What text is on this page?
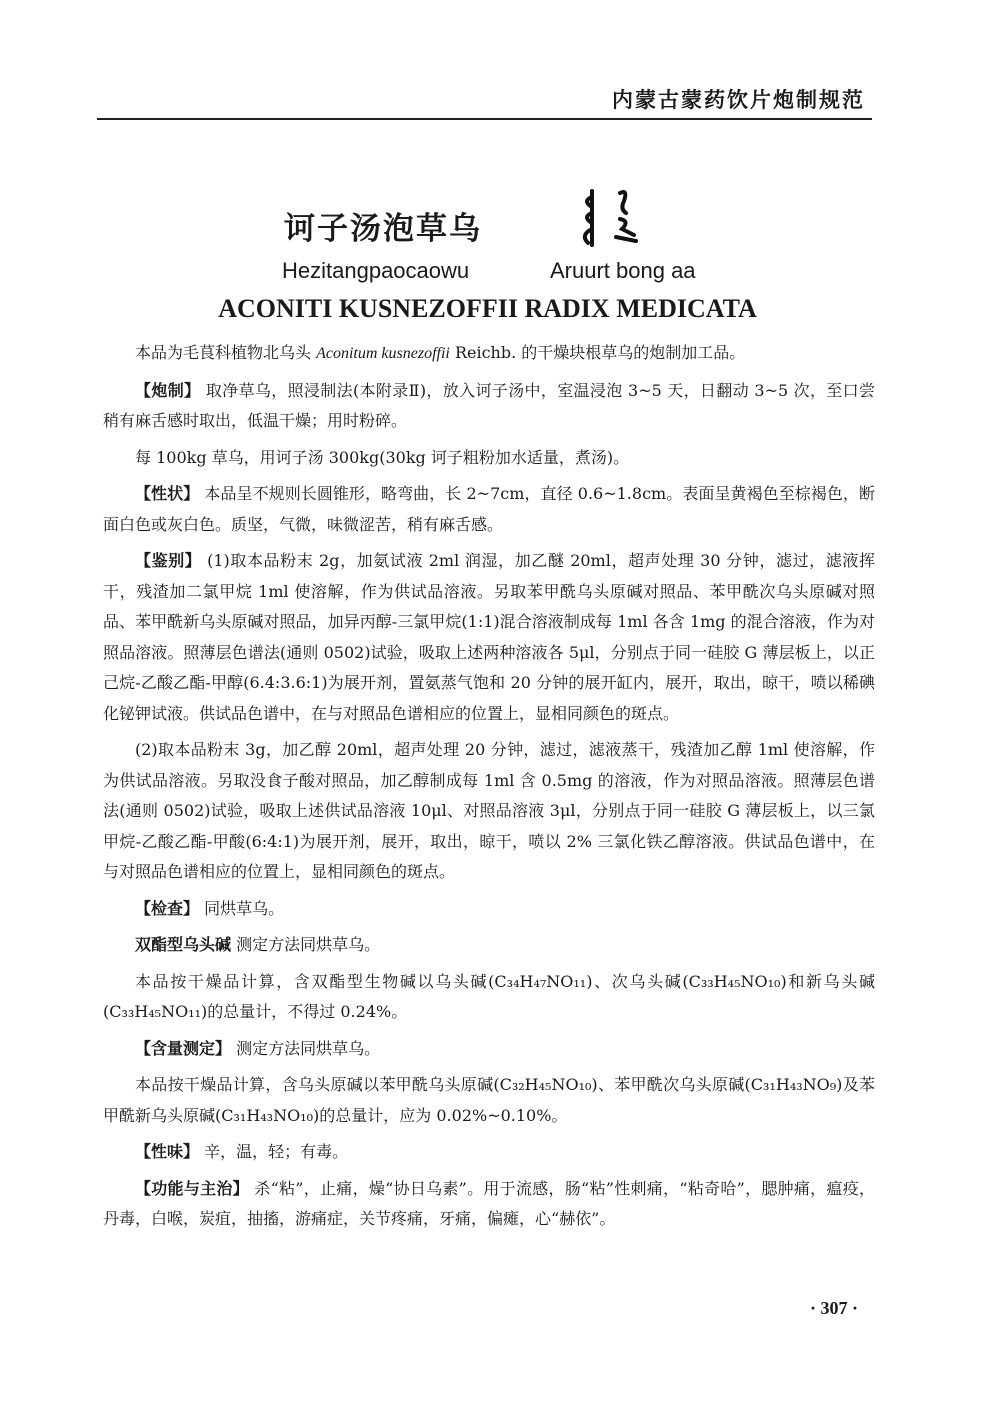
内蒙古蒙药饮片炮制规范
诃子汤泡草乌
Hezitangpaocaowu	Aruurt bong aa
ACONITI KUSNEZOFFII RADIX MEDICATA

本品为毛茛科植物北乌头 Aconitum kusnezoffii Reichb. 的干燥块根草乌的炮制加工品。

【炮制】 取净草乌，照浸制法(本附录Ⅱ)，放入诃子汤中，室温浸泡 3~5 天，日翻动 3~5 次，至口尝稍有麻舌感时取出，低温干燥；用时粉碎。

每 100kg 草乌，用诃子汤 300kg(30kg 诃子粗粉加水适量，煮汤)。

【性状】 本品呈不规则长圆锥形，略弯曲，长 2~7cm，直径 0.6~1.8cm。表面呈黄褐色至棕褐色，断面白色或灰白色。质坚，气微，味微涩苦，稍有麻舌感。

【鉴别】 (1)取本品粉末 2g，加氨试液 2ml 润湿，加乙醚 20ml，超声处理 30 分钟，滤过，滤液挥干，残渣加二氯甲烷 1ml 使溶解，作为供试品溶液。另取苯甲酰乌头原碱对照品、苯甲酰次乌头原碱对照品、苯甲酰新乌头原碱对照品，加异丙醇-三氯甲烷(1:1)混合溶液制成每 1ml 各含 1mg 的混合溶液，作为对照品溶液。照薄层色谱法(通则 0502)试验，吸取上述两种溶液各 5μl，分别点于同一硅胶 G 薄层板上，以正己烷-乙酸乙酯-甲醇(6.4:3.6:1)为展开剂，置氨蒸气饱和 20 分钟的展开缸内，展开，取出，晾干，喷以稀碘化铋钾试液。供试品色谱中，在与对照品色谱相应的位置上，显相同颜色的斑点。

(2)取本品粉末 3g，加乙醇 20ml，超声处理 20 分钟，滤过，滤液蒸干，残渣加乙醇 1ml 使溶解，作为供试品溶液。另取没食子酸对照品，加乙醇制成每 1ml 含 0.5mg 的溶液，作为对照品溶液。照薄层色谱法(通则 0502)试验，吸取上述供试品溶液 10μl、对照品溶液 3μl，分别点于同一硅胶 G 薄层板上，以三氯甲烷-乙酸乙酯-甲酸(6:4:1)为展开剂，展开，取出，晾干，喷以 2% 三氯化铁乙醇溶液。供试品色谱中，在与对照品色谱相应的位置上，显相同颜色的斑点。

【检查】 同烘草乌。

双酯型乌头碱 测定方法同烘草乌。

本品按干燥品计算，含双酯型生物碱以乌头碱(C₃₄H₄₇NO₁₁)、次乌头碱(C₃₃H₄₅NO₁₀)和新乌头碱(C₃₃H₄₅NO₁₁)的总量计，不得过 0.24%。

【含量测定】 测定方法同烘草乌。

本品按干燥品计算，含乌头原碱以苯甲酰乌头原碱(C₃₂H₄₅NO₁₀)、苯甲酰次乌头原碱(C₃₁H₄₃NO₉)及苯甲酰新乌头原碱(C₃₁H₄₃NO₁₀)的总量计，应为 0.02%~0.10%。

【性味】 辛，温，轻；有毒。

【功能与主治】 杀“粘”，止痛，燥“协日乌素”。用于流感，肠“粘”性刺痛，“粘奇哈”，腮肿痛，瘟疫，丹毒，白喉，炭疽，抽搐，游痛症，关节疼痛，牙痛，偏瘫，心“赫依”。

· 307 ·
